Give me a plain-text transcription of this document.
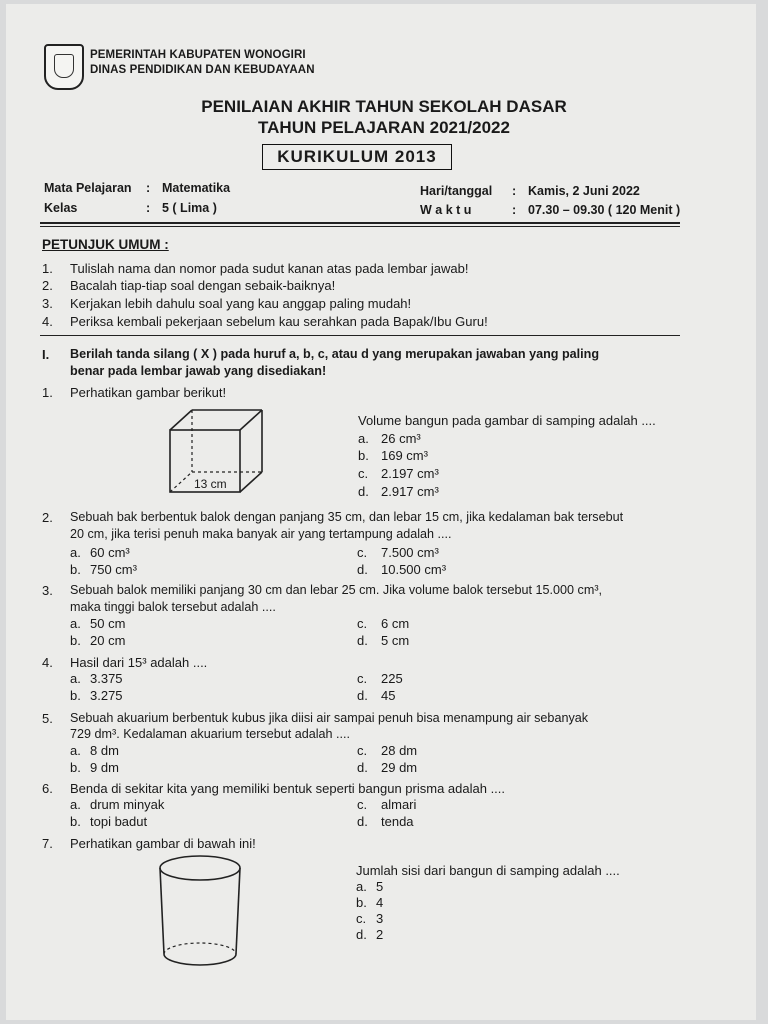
PEMERINTAH KABUPATEN WONOGIRI
DINAS PENDIDIKAN DAN KEBUDAYAAN
PENILAIAN AKHIR TAHUN SEKOLAH DASAR
TAHUN PELAJARAN 2021/2022
KURIKULUM 2013
Mata Pelajaran : Matematika
Kelas	: 5 ( Lima )
Hari/tanggal : Kamis, 2 Juni 2022
W a k t u	: 07.30 – 09.30 ( 120 Menit )
PETUNJUK UMUM :
1. Tulislah nama dan nomor pada sudut kanan atas pada lembar jawab!
2. Bacalah tiap-tiap soal dengan sebaik-baiknya!
3. Kerjakan lebih dahulu soal yang kau anggap paling mudah!
4. Periksa kembali pekerjaan sebelum kau serahkan pada Bapak/Ibu Guru!
I. Berilah tanda silang ( X ) pada huruf a, b, c, atau d yang merupakan jawaban yang paling
benar pada lembar jawab yang disediakan!
1. Perhatikan gambar berikut!
13 cm
Volume bangun pada gambar di samping adalah ....
a. 26 cm³
b. 169 cm³
c. 2.197 cm³
d. 2.917 cm³
2. Sebuah bak berbentuk balok dengan panjang 35 cm, dan lebar 15 cm, jika kedalaman bak tersebut
20 cm, jika terisi penuh maka banyak air yang tertampung adalah ....
a. 60 cm³	c. 7.500 cm³
b. 750 cm³	d. 10.500 cm³
3. Sebuah balok memiliki panjang 30 cm dan lebar 25 cm. Jika volume balok tersebut 15.000 cm³,
maka tinggi balok tersebut adalah ....
a. 50 cm	c. 6 cm
b. 20 cm	d. 5 cm
4. Hasil dari 15³ adalah ....
a. 3.375	c. 225
b. 3.275	d. 45
5. Sebuah akuarium berbentuk kubus jika diisi air sampai penuh bisa menampung air sebanyak
729 dm³. Kedalaman akuarium tersebut adalah ....
a. 8 dm	c. 28 dm
b. 9 dm	d. 29 dm
6. Benda di sekitar kita yang memiliki bentuk seperti bangun prisma adalah ....
a. drum minyak	c. almari
b. topi badut	d. tenda
7. Perhatikan gambar di bawah ini!
Jumlah sisi dari bangun di samping adalah ....
a. 5
b. 4
c. 3
d. 2
